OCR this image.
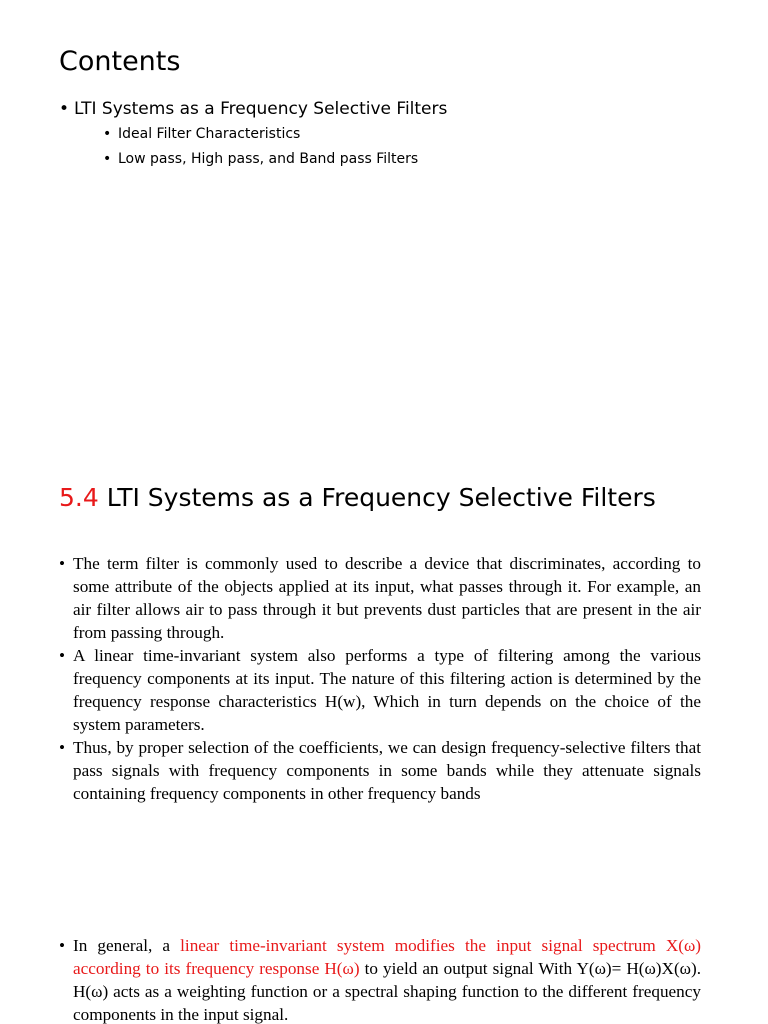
Contents
• LTI Systems as a Frequency Selective Filters
• Ideal Filter Characteristics
• Low pass, High pass, and Band pass Filters
5.4 LTI Systems as a Frequency Selective Filters
• The term filter is commonly used to describe a device that discriminates, according to some attribute of the objects applied at its input, what passes through it. For example, an air filter allows air to pass through it but prevents dust particles that are present in the air from passing through.
• A linear time-invariant system also performs a type of filtering among the various frequency components at its input. The nature of this filtering action is determined by the frequency response characteristics H(w), Which in turn depends on the choice of the system parameters.
• Thus, by proper selection of the coefficients, we can design frequency-selective filters that pass signals with frequency components in some bands while they attenuate signals containing frequency components in other frequency bands
• In general, a linear time-invariant system modifies the input signal spectrum X(ω) according to its frequency response H(ω) to yield an output signal With Y(ω)= H(ω)X(ω). H(ω) acts as a weighting function or a spectral shaping function to the different frequency components in the input signal.
